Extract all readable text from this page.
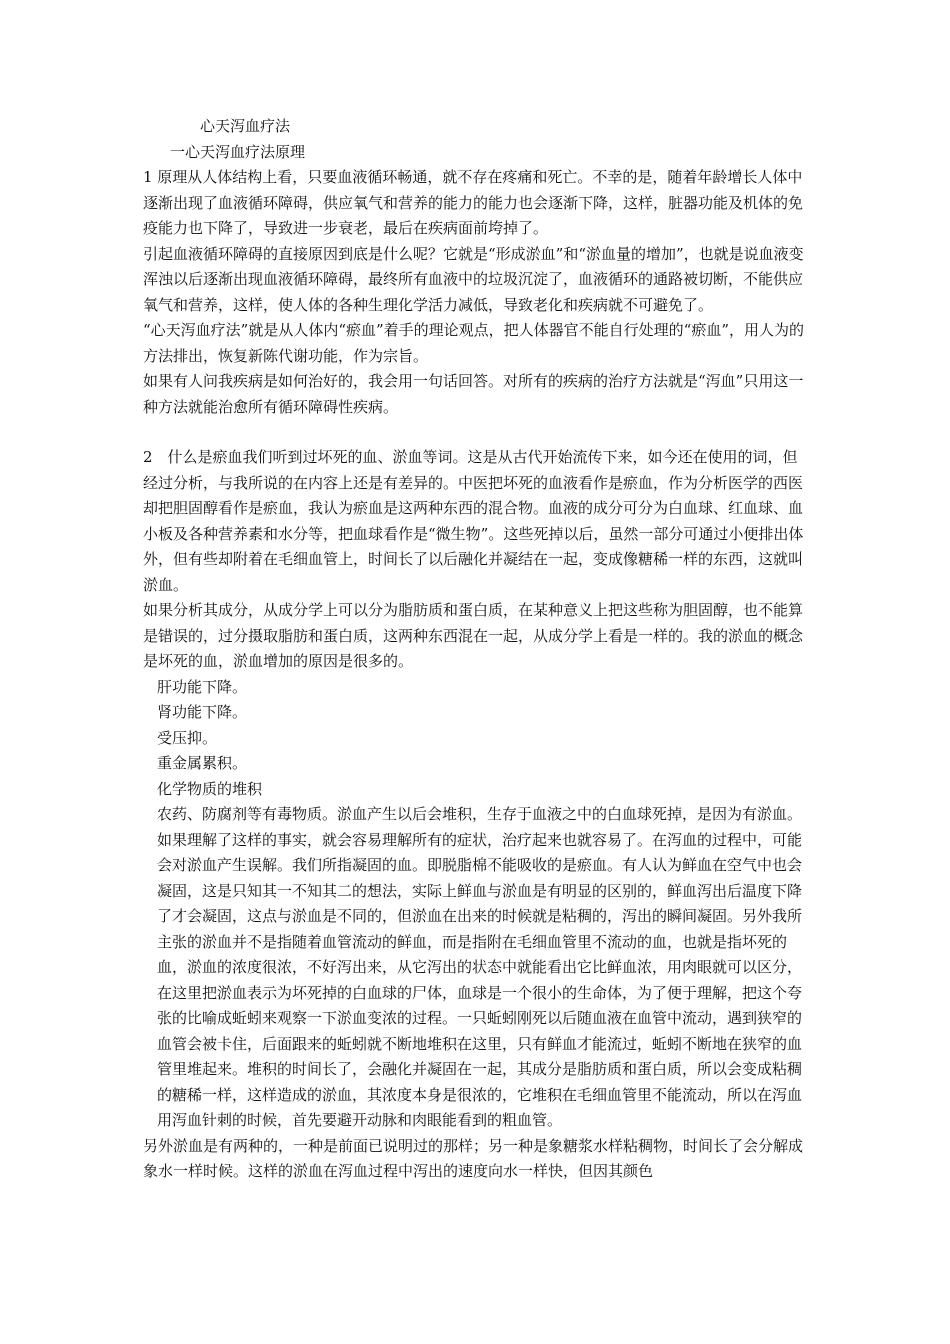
心天泻血疗法
一心天泻血疗法原理

1 原理从人体结构上看，只要血液循环畅通，就不存在疼痛和死亡。不幸的是，随着年龄增长人体中逐渐出现了血液循环障碍，供应氧气和营养的能力的能力也会逐渐下降，这样，脏器功能及机体的免疫能力也下降了，导致进一步衰老，最后在疾病面前垮掉了。

引起血液循环障碍的直接原因到底是什么呢？它就是“形成淤血”和“淤血量的增加”，也就是说血液变浑浊以后逐渐出现血液循环障碍，最终所有血液中的垃圾沉淀了，血液循环的通路被切断，不能供应氧气和营养，这样，使人体的各种生理化学活力减低，导致老化和疾病就不可避免了。

“心天泻血疗法”就是从人体内“瘀血”着手的理论观点，把人体器官不能自行处理的“瘀血”，用人为的方法排出，恢复新陈代谢功能，作为宗旨。

如果有人问我疾病是如何治好的，我会用一句话回答。对所有的疾病的治疗方法就是“泻血”只用这一种方法就能治愈所有循环障碍性疾病。

2　什么是瘀血我们听到过坏死的血、淤血等词。这是从古代开始流传下来，如今还在使用的词，但经过分析，与我所说的在内容上还是有差异的。中医把坏死的血液看作是瘀血，作为分析医学的西医却把胆固醇看作是瘀血，我认为瘀血是这两种东西的混合物。血液的成分可分为白血球、红血球、血小板及各种营养素和水分等，把血球看作是“微生物”。这些死掉以后，虽然一部分可通过小便排出体外，但有些却附着在毛细血管上，时间长了以后融化并凝结在一起，变成像糖稀一样的东西，这就叫淤血。

如果分析其成分，从成分学上可以分为脂肪质和蛋白质，在某种意义上把这些称为胆固醇，也不能算是错误的，过分摄取脂肪和蛋白质，这两种东西混在一起，从成分学上看是一样的。我的淤血的概念是坏死的血，淤血增加的原因是很多的。

肝功能下降。

肾功能下降。

受压抑。

重金属累积。

化学物质的堆积

农药、防腐剂等有毒物质。淤血产生以后会堆积，生存于血液之中的白血球死掉，是因为有淤血。如果理解了这样的事实，就会容易理解所有的症状，治疗起来也就容易了。在泻血的过程中，可能会对淤血产生误解。我们所指凝固的血。即脱脂棉不能吸收的是瘀血。有人认为鲜血在空气中也会凝固，这是只知其一不知其二的想法，实际上鲜血与淤血是有明显的区别的，鲜血泻出后温度下降了才会凝固，这点与淤血是不同的，但淤血在出来的时候就是粘稠的，泻出的瞬间凝固。另外我所主张的淤血并不是指随着血管流动的鲜血，而是指附在毛细血管里不流动的血，也就是指坏死的血，淤血的浓度很浓，不好泻出来，从它泻出的状态中就能看出它比鲜血浓，用肉眼就可以区分，在这里把淤血表示为坏死掉的白血球的尸体，血球是一个很小的生命体，为了便于理解，把这个夸张的比喻成蚯蚓来观察一下淤血变浓的过程。一只蚯蚓刚死以后随血液在血管中流动，遇到狭窄的血管会被卡住，后面跟来的蚯蚓就不断地堆积在这里，只有鲜血才能流过，蚯蚓不断地在狭窄的血管里堆起来。堆积的时间长了，会融化并凝固在一起，其成分是脂肪质和蛋白质，所以会变成粘稠的糖稀一样，这样造成的淤血，其浓度本身是很浓的，它堆积在毛细血管里不能流动，所以在泻血用泻血针刺的时候，首先要避开动脉和肉眼能看到的粗血管。

另外淤血是有两种的，一种是前面已说明过的那样；另一种是象糖浆水样粘稠物，时间长了会分解成象水一样时候。这样的淤血在泻血过程中泻出的速度向水一样快，但因其颜色
